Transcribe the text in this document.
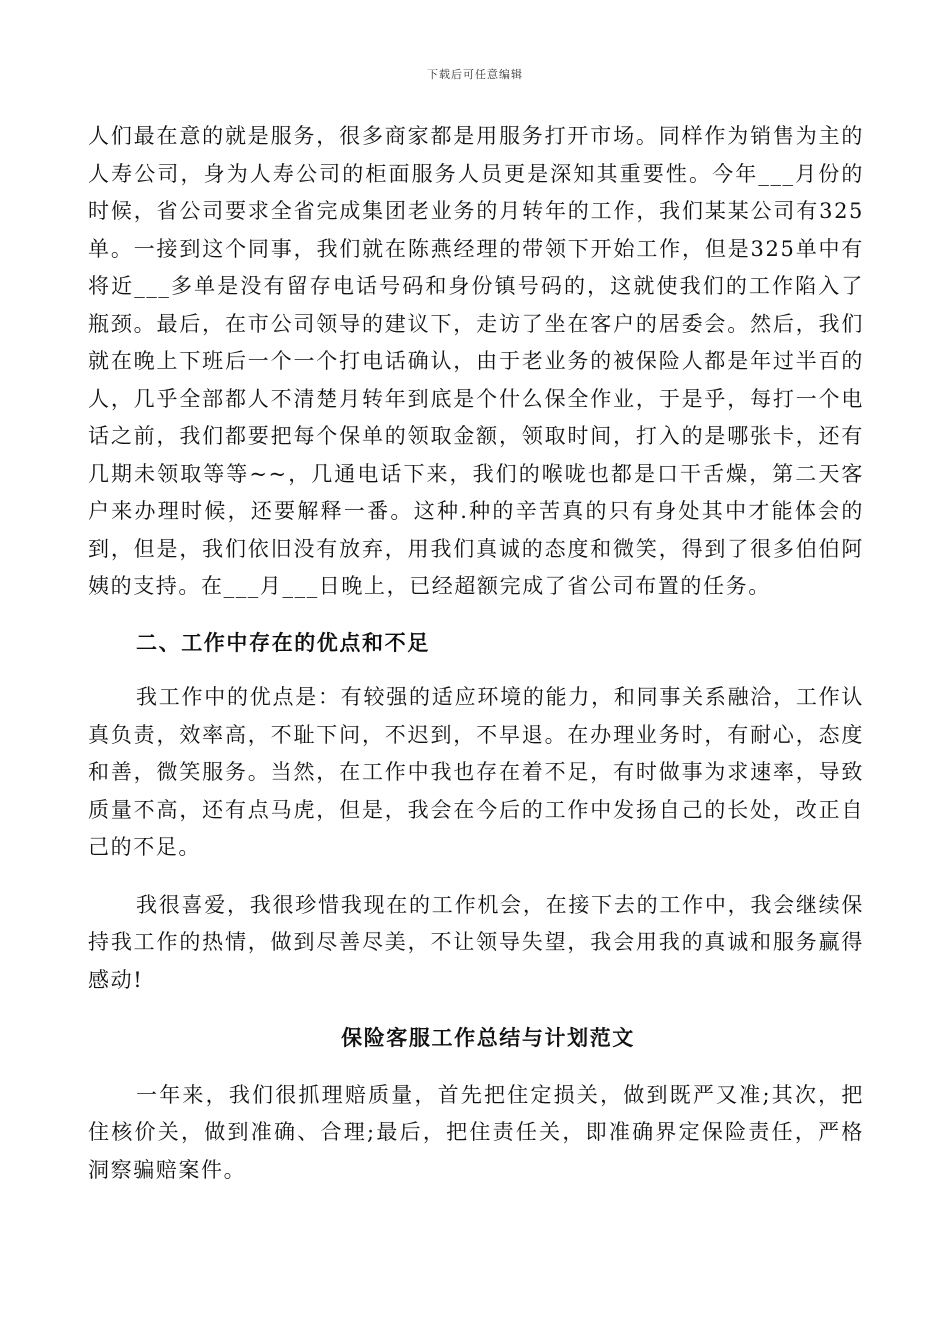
下载后可任意编辑

人们最在意的就是服务，很多商家都是用服务打开市场。同样作为销售为主的人寿公司，身为人寿公司的柜面服务人员更是深知其重要性。今年___月份的时候，省公司要求全省完成集团老业务的月转年的工作，我们某某公司有325单。一接到这个同事，我们就在陈燕经理的带领下开始工作，但是325单中有将近___多单是没有留存电话号码和身份镇号码的，这就使我们的工作陷入了瓶颈。最后，在市公司领导的建议下，走访了坐在客户的居委会。然后，我们就在晚上下班后一个一个打电话确认，由于老业务的被保险人都是年过半百的人，几乎全部都人不清楚月转年到底是个什么保全作业，于是乎，每打一个电话之前，我们都要把每个保单的领取金额，领取时间，打入的是哪张卡，还有几期未领取等等~~，几通电话下来，我们的喉咙也都是口干舌燥，第二天客户来办理时候，还要解释一番。这种.种的辛苦真的只有身处其中才能体会的到，但是，我们依旧没有放弃，用我们真诚的态度和微笑，得到了很多伯伯阿姨的支持。在___月___日晚上，已经超额完成了省公司布置的任务。

二、工作中存在的优点和不足

我工作中的优点是：有较强的适应环境的能力，和同事关系融洽，工作认真负责，效率高，不耻下问，不迟到，不早退。在办理业务时，有耐心，态度和善，微笑服务。当然，在工作中我也存在着不足，有时做事为求速率，导致质量不高，还有点马虎，但是，我会在今后的工作中发扬自己的长处，改正自己的不足。

我很喜爱，我很珍惜我现在的工作机会，在接下去的工作中，我会继续保持我工作的热情，做到尽善尽美，不让领导失望，我会用我的真诚和服务赢得感动!

保险客服工作总结与计划范文

一年来，我们很抓理赔质量，首先把住定损关，做到既严又准;其次，把住核价关，做到准确、合理;最后，把住责任关，即准确界定保险责任，严格洞察骗赔案件。
